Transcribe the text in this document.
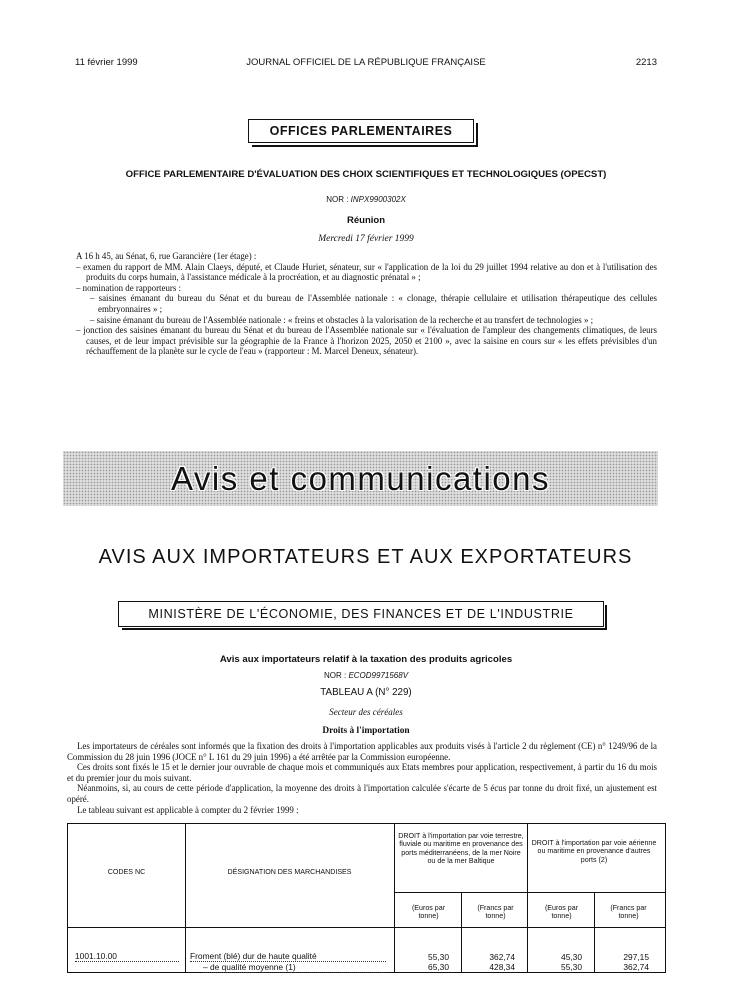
11 février 1999	JOURNAL OFFICIEL DE LA RÉPUBLIQUE FRANÇAISE	2213
OFFICES PARLEMENTAIRES
OFFICE PARLEMENTAIRE D'ÉVALUATION DES CHOIX SCIENTIFIQUES ET TECHNOLOGIQUES (OPECST)
NOR : INPX9900302X
Réunion
Mercredi 17 février 1999

A 16 h 45, au Sénat, 6, rue Garancière (1er étage) :

– examen du rapport de MM. Alain Claeys, député, et Claude Huriet, sénateur, sur « l'application de la loi du 29 juillet 1994 relative au don et à l'utilisation des produits du corps humain, à l'assistance médicale à la procréation, et au diagnostic prénatal » ;

– nomination de rapporteurs :

– saisines émanant du bureau du Sénat et du bureau de l'Assemblée nationale : « clonage, thérapie cellulaire et utilisation thérapeutique des cellules embryonnaires » ;

– saisine émanant du bureau de l'Assemblée nationale : « freins et obstacles à la valorisation de la recherche et au transfert de technologies » ;

– jonction des saisines émanant du bureau du Sénat et du bureau de l'Assemblée nationale sur « l'évaluation de l'ampleur des changements climatiques, de leurs causes, et de leur impact prévisible sur la géographie de la France à l'horizon 2025, 2050 et 2100 », avec la saisine en cours sur « les effets prévisibles d'un réchauffement de la planète sur le cycle de l'eau » (rapporteur : M. Marcel Deneux, sénateur).

Avis et communications
AVIS AUX IMPORTATEURS ET AUX EXPORTATEURS
MINISTÈRE DE L'ÉCONOMIE, DES FINANCES ET DE L'INDUSTRIE
Avis aux importateurs relatif à la taxation des produits agricoles
NOR : ECOD9971568V
TABLEAU A (N° 229)
Secteur des céréales
Droits à l'importation

Les importateurs de céréales sont informés que la fixation des droits à l'importation applicables aux produits visés à l'article 2 du règlement (CE) n° 1249/96 de la Commission du 28 juin 1996 (JOCE n° L 161 du 29 juin 1996) a été arrêtée par la Commission européenne.

Ces droits sont fixés le 15 et le dernier jour ouvrable de chaque mois et communiqués aux Etats membres pour application, respectivement, à partir du 16 du mois et du premier jour du mois suivant.

Néanmoins, si, au cours de cette période d'application, la moyenne des droits à l'importation calculée s'écarte de 5 écus par tonne du droit fixé, un ajustement est opéré.

Le tableau suivant est applicable à compter du 2 février 1999 :

CODES NC	DÉSIGNATION DES MARCHANDISES
DROIT à l'importation par voie terrestre, fluviale ou maritime en provenance des ports méditerranéens, de la mer Noire ou de la mer Baltique
DROIT à l'importation par voie aérienne ou maritime en provenance d'autres ports (2)
(Euros par tonne)
(Francs par tonne)
(Euros par tonne)
(Francs par tonne)
1001.10.00	Froment (blé) dur de haute qualité	55,30	362,74	45,30	297,15
– de qualité moyenne (1)	65,30	428,34	55,30	362,74
